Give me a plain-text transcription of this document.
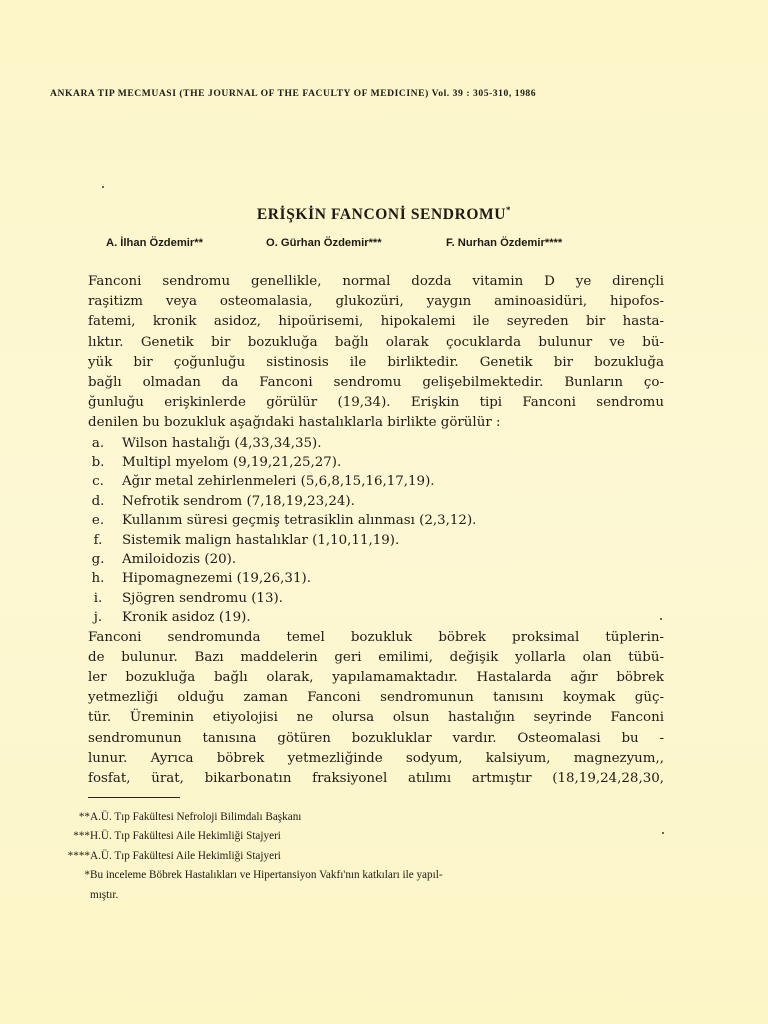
ANKARA TIP MECMUASI (THE JOURNAL OF THE FACULTY OF MEDICINE) Vol. 39 : 305-310, 1986
ERİŞKİN FANCONİ SENDROMU*
A. İlhan Özdemir**	O. Gürhan Özdemir***	F. Nurhan Özdemir****
Fanconi sendromu genellikle, normal dozda vitamin D ye dirençli
raşitizm veya osteomalasia, glukozüri, yaygın aminoasidüri, hipofos-
fatemi, kronik asidoz, hipoürisemi, hipokalemi ile seyreden bir hasta-
lıktır. Genetik bir bozukluğa bağlı olarak çocuklarda bulunur ve bü-
yük bir çoğunluğu sistinosis ile birliktedir. Genetik bir bozukluğa
bağlı olmadan da Fanconi sendromu gelişebilmektedir. Bunların ço-
ğunluğu erişkinlerde görülür (19,34). Erişkin tipi Fanconi sendromu
denilen bu bozukluk aşağıdaki hastalıklarla birlikte görülür :
a. Wilson hastalığı (4,33,34,35).
b. Multipl myelom (9,19,21,25,27).
c.	Ağır metal zehirlenmeleri (5,6,8,15,16,17,19).
d. Nefrotik sendrom (7,18,19,23,24).
e. Kullanım süresi geçmiş tetrasiklin alınması (2,3,12).
f.	Sistemik malign hastalıklar (1,10,11,19).
g. Amiloidozis (20).
h. Hipomagnezemi (19,26,31).
i.	Sjögren sendromu (13).
j.	Kronik asidoz (19).
Fanconi sendromunda temel bozukluk böbrek proksimal tüplerin-
de bulunur. Bazı maddelerin geri emilimi, değişik yollarla olan tübü-
ler bozukluğa bağlı olarak, yapılamamaktadır. Hastalarda ağır böbrek
yetmezliği olduğu zaman Fanconi sendromunun tanısını koymak güç-
tür. Üreminin etiyolojisi ne olursa olsun hastalığın seyrinde Fanconi
sendromunun tanısına götüren bozukluklar vardır. Osteomalasi bu -
lunur. Ayrıca böbrek yetmezliğinde sodyum, kalsiyum, magnezyum,,
fosfat, ürat, bikarbonatın fraksiyonel atılımı artmıştır (18,19,24,28,30,
** A.Ü. Tıp Fakültesi Nefroloji Bilimdalı Başkanı
*** H.Ü. Tıp Fakültesi Aile Hekimliği Stajyeri
**** A.Ü. Tıp Fakültesi Aile Hekimliği Stajyeri
* Bu inceleme Böbrek Hastalıkları ve Hipertansiyon Vakfı'nın katkıları ile yapıl-
mıştır.
